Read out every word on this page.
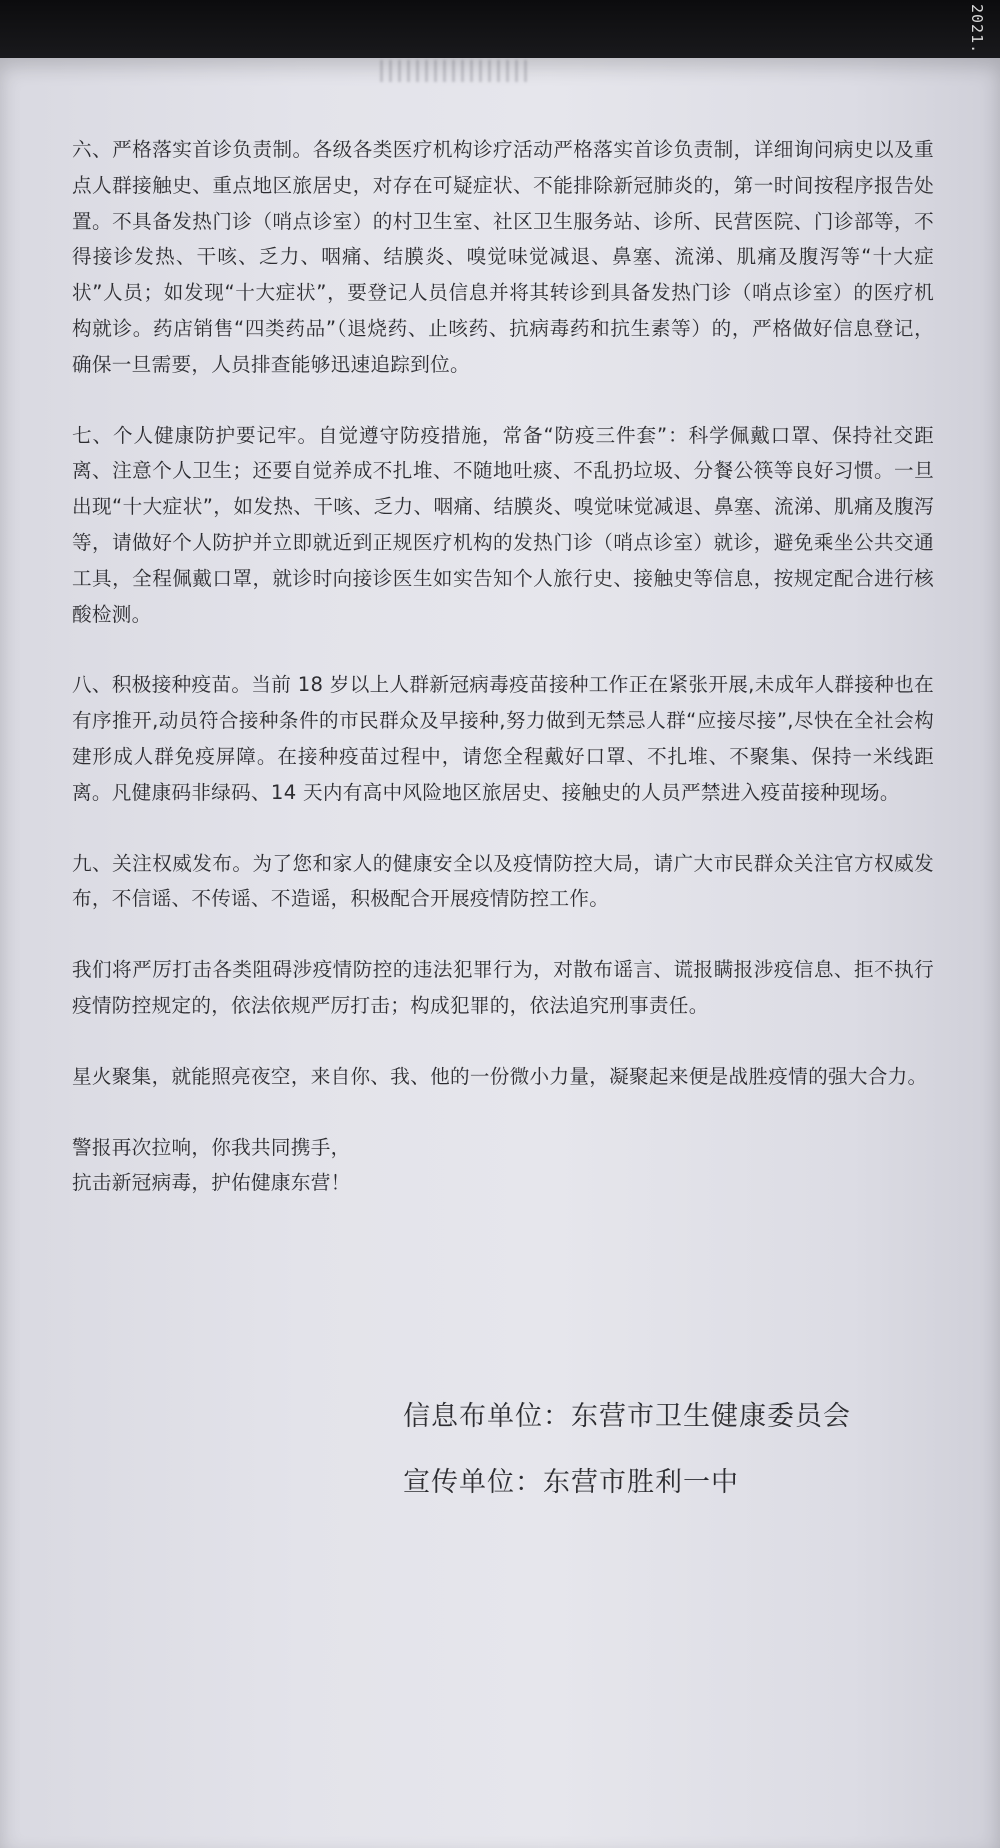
2021.

六、严格落实首诊负责制。各级各类医疗机构诊疗活动严格落实首诊负责制，详细询问病史以及重点人群接触史、重点地区旅居史，对存在可疑症状、不能排除新冠肺炎的，第一时间按程序报告处置。不具备发热门诊（哨点诊室）的村卫生室、社区卫生服务站、诊所、民营医院、门诊部等，不得接诊发热、干咳、乏力、咽痛、结膜炎、嗅觉味觉减退、鼻塞、流涕、肌痛及腹泻等“十大症状”人员；如发现“十大症状”，要登记人员信息并将其转诊到具备发热门诊（哨点诊室）的医疗机构就诊。药店销售“四类药品”（退烧药、止咳药、抗病毒药和抗生素等）的，严格做好信息登记，确保一旦需要，人员排查能够迅速追踪到位。

七、个人健康防护要记牢。自觉遵守防疫措施，常备“防疫三件套”：科学佩戴口罩、保持社交距离、注意个人卫生；还要自觉养成不扎堆、不随地吐痰、不乱扔垃圾、分餐公筷等良好习惯。一旦出现“十大症状”，如发热、干咳、乏力、咽痛、结膜炎、嗅觉味觉减退、鼻塞、流涕、肌痛及腹泻等，请做好个人防护并立即就近到正规医疗机构的发热门诊（哨点诊室）就诊，避免乘坐公共交通工具，全程佩戴口罩，就诊时向接诊医生如实告知个人旅行史、接触史等信息，按规定配合进行核酸检测。

八、积极接种疫苗。当前 18 岁以上人群新冠病毒疫苗接种工作正在紧张开展,未成年人群接种也在有序推开,动员符合接种条件的市民群众及早接种,努力做到无禁忌人群“应接尽接”,尽快在全社会构建形成人群免疫屏障。在接种疫苗过程中，请您全程戴好口罩、不扎堆、不聚集、保持一米线距离。凡健康码非绿码、14 天内有高中风险地区旅居史、接触史的人员严禁进入疫苗接种现场。

九、关注权威发布。为了您和家人的健康安全以及疫情防控大局，请广大市民群众关注官方权威发布，不信谣、不传谣、不造谣，积极配合开展疫情防控工作。

我们将严厉打击各类阻碍涉疫情防控的违法犯罪行为，对散布谣言、谎报瞒报涉疫信息、拒不执行疫情防控规定的，依法依规严厉打击；构成犯罪的，依法追究刑事责任。

星火聚集，就能照亮夜空，来自你、我、他的一份微小力量，凝聚起来便是战胜疫情的强大合力。

警报再次拉响，你我共同携手，
抗击新冠病毒，护佑健康东营！

信息布单位：东营市卫生健康委员会
宣传单位：东营市胜利一中
